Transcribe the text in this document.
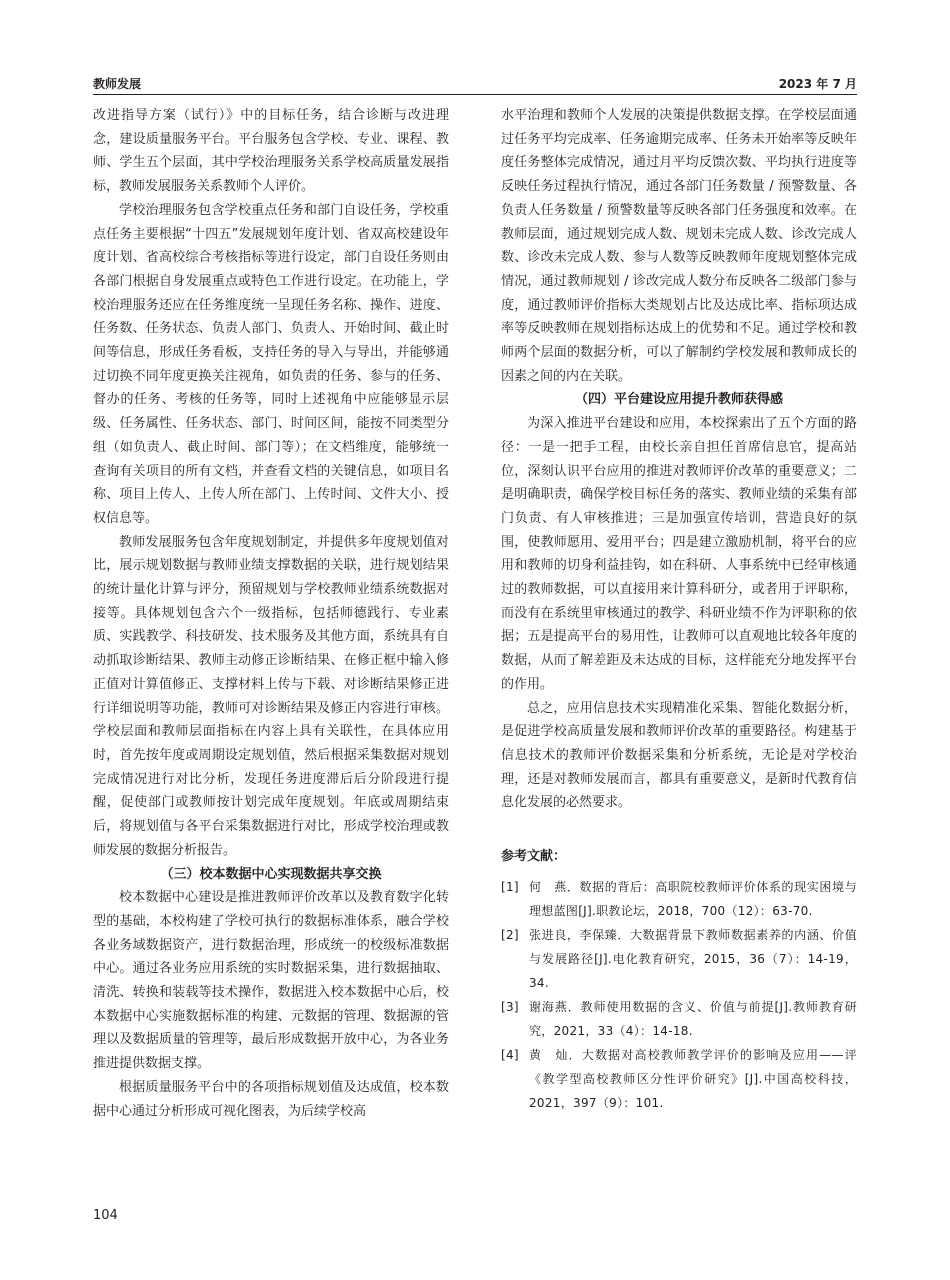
教师发展	2023 年 7 月

改进指导方案（试行）》中的目标任务，结合诊断与改进理念，建设质量服务平台。平台服务包含学校、专业、课程、教师、学生五个层面，其中学校治理服务关系学校高质量发展指标，教师发展服务关系教师个人评价。

学校治理服务包含学校重点任务和部门自设任务，学校重点任务主要根据“十四五”发展规划年度计划、省双高校建设年度计划、省高校综合考核指标等进行设定，部门自设任务则由各部门根据自身发展重点或特色工作进行设定。在功能上，学校治理服务还应在任务维度统一呈现任务名称、操作、进度、任务数、任务状态、负责人部门、负责人、开始时间、截止时间等信息，形成任务看板，支持任务的导入与导出，并能够通过切换不同年度更换关注视角，如负责的任务、参与的任务、督办的任务、考核的任务等，同时上述视角中应能够显示层级、任务属性、任务状态、部门、时间区间，能按不同类型分组（如负责人、截止时间、部门等）；在文档维度，能够统一查询有关项目的所有文档，并查看文档的关键信息，如项目名称、项目上传人、上传人所在部门、上传时间、文件大小、授权信息等。

教师发展服务包含年度规划制定，并提供多年度规划值对比，展示规划数据与教师业绩支撑数据的关联，进行规划结果的统计量化计算与评分，预留规划与学校教师业绩系统数据对接等。具体规划包含六个一级指标，包括师德践行、专业素质、实践教学、科技研发、技术服务及其他方面，系统具有自动抓取诊断结果、教师主动修正诊断结果、在修正框中输入修正值对计算值修正、支撑材料上传与下载、对诊断结果修正进行详细说明等功能，教师可对诊断结果及修正内容进行审核。学校层面和教师层面指标在内容上具有关联性，在具体应用时，首先按年度或周期设定规划值，然后根据采集数据对规划完成情况进行对比分析，发现任务进度滞后后分阶段进行提醒，促使部门或教师按计划完成年度规划。年底或周期结束后，将规划值与各平台采集数据进行对比，形成学校治理或教师发展的数据分析报告。

（三）校本数据中心实现数据共享交换

校本数据中心建设是推进教师评价改革以及教育数字化转型的基础，本校构建了学校可执行的数据标准体系，融合学校各业务域数据资产，进行数据治理，形成统一的校级标准数据中心。通过各业务应用系统的实时数据采集，进行数据抽取、清洗、转换和装载等技术操作，数据进入校本数据中心后，校本数据中心实施数据标准的构建、元数据的管理、数据源的管理以及数据质量的管理等，最后形成数据开放中心，为各业务推进提供数据支撑。

根据质量服务平台中的各项指标规划值及达成值，校本数据中心通过分析形成可视化图表，为后续学校高

水平治理和教师个人发展的决策提供数据支撑。在学校层面通过任务平均完成率、任务逾期完成率、任务未开始率等反映年度任务整体完成情况，通过月平均反馈次数、平均执行进度等反映任务过程执行情况，通过各部门任务数量 / 预警数量、各负责人任务数量 / 预警数量等反映各部门任务强度和效率。在教师层面，通过规划完成人数、规划未完成人数、诊改完成人数、诊改未完成人数、参与人数等反映教师年度规划整体完成情况，通过教师规划 / 诊改完成人数分布反映各二级部门参与度，通过教师评价指标大类规划占比及达成比率、指标项达成率等反映教师在规划指标达成上的优势和不足。通过学校和教师两个层面的数据分析，可以了解制约学校发展和教师成长的因素之间的内在关联。

（四）平台建设应用提升教师获得感

为深入推进平台建设和应用，本校探索出了五个方面的路径：一是一把手工程，由校长亲自担任首席信息官，提高站位，深刻认识平台应用的推进对教师评价改革的重要意义；二是明确职责，确保学校目标任务的落实、教师业绩的采集有部门负责、有人审核推进；三是加强宣传培训，营造良好的氛围，使教师愿用、爱用平台；四是建立激励机制，将平台的应用和教师的切身利益挂钩，如在科研、人事系统中已经审核通过的教师数据，可以直接用来计算科研分，或者用于评职称，而没有在系统里审核通过的教学、科研业绩不作为评职称的依据；五是提高平台的易用性，让教师可以直观地比较各年度的数据，从而了解差距及未达成的目标，这样能充分地发挥平台的作用。

总之，应用信息技术实现精准化采集、智能化数据分析，是促进学校高质量发展和教师评价改革的重要路径。构建基于信息技术的教师评价数据采集和分析系统，无论是对学校治理，还是对教师发展而言，都具有重要意义，是新时代教育信息化发展的必然要求。

参考文献：

[1] 何　燕．数据的背后：高职院校教师评价体系的现实困境与理想蓝图[J].职教论坛，2018，700（12）：63-70.
[2] 张进良，李保臻．大数据背景下教师数据素养的内涵、价值与发展路径[J].电化教育研究，2015，36（7）：14-19，34.
[3] 谢海燕．教师使用数据的含义、价值与前提[J].教师教育研究，2021，33（4）：14-18.
[4] 黄　灿．大数据对高校教师教学评价的影响及应用——评《教学型高校教师区分性评价研究》[J].中国高校科技，2021，397（9）：101.
104
